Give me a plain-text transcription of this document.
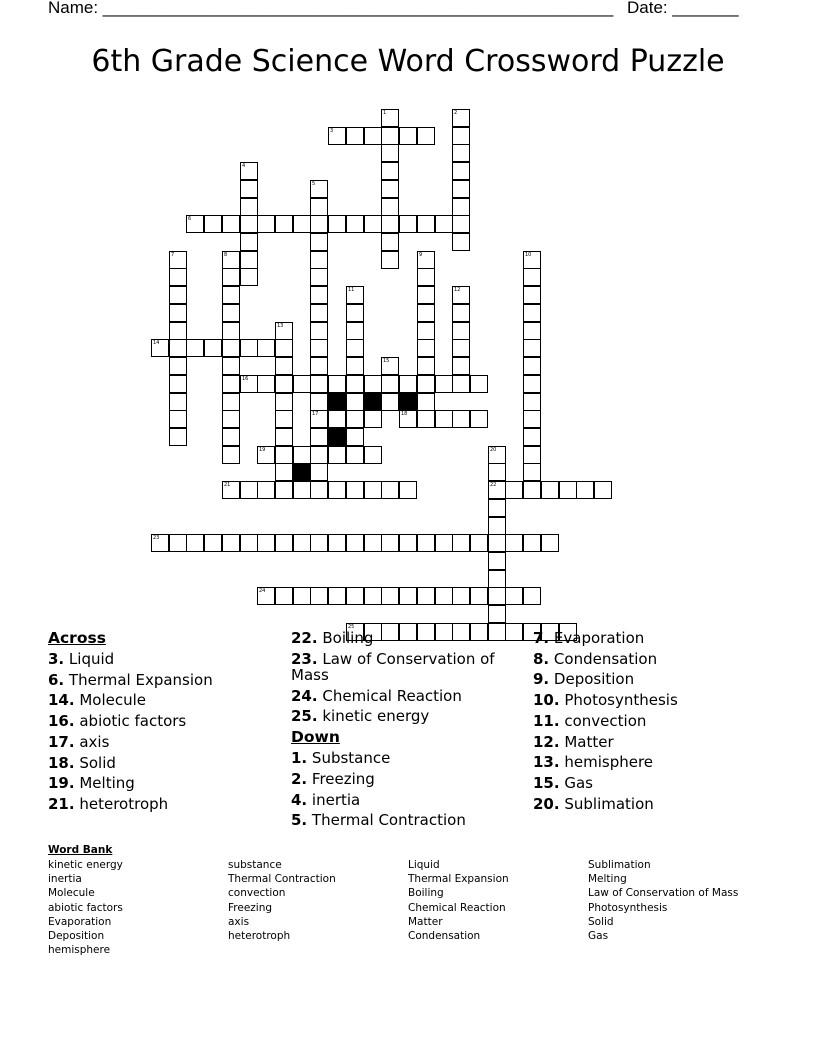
Name: ______________________________________________________ Date: _______
6th Grade Science Word Crossword Puzzle
1	2
3
4
5
17
6
7	8	9	10
11	12
13
14
15
16
18
19	20
22
21
23
24
25
Across
3. Liquid
6. Thermal Expansion
14. Molecule
16. abiotic factors
17. axis
18. Solid
19. Melting
21. heterotroph
22. Boiling
23. Law of Conservation of Mass
24. Chemical Reaction
25. kinetic energy
Down
1. Substance
2. Freezing
4. inertia
5. Thermal Contraction
7. Evaporation
8. Condensation
9. Deposition
10. Photosynthesis
11. convection
12. Matter
13. hemisphere
15. Gas
20. Sublimation
Word Bank
kinetic energy
inertia
Molecule
abiotic factors
Evaporation
Deposition
hemisphere
substance
Thermal Contraction
convection
Freezing
axis
heterotroph
Liquid
Thermal Expansion
Boiling
Chemical Reaction
Matter
Condensation
Sublimation
Melting
Law of Conservation of Mass
Photosynthesis
Solid
Gas
